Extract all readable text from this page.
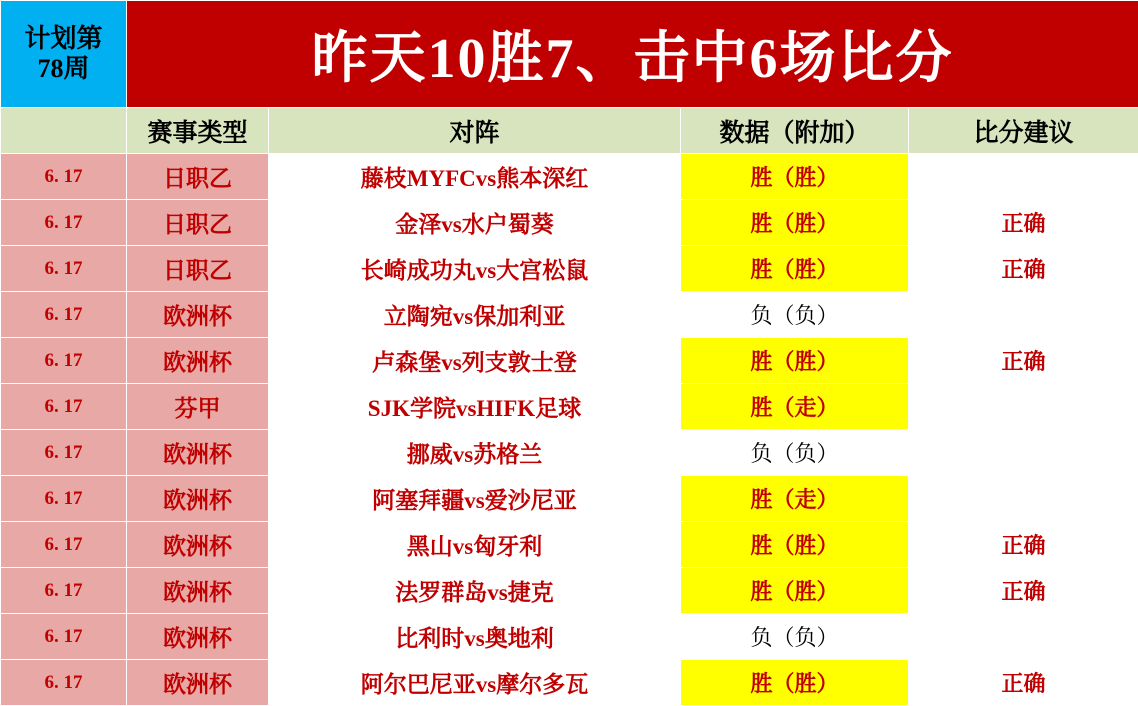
计划第
78周	昨天10胜7、击中6场比分			
	赛事类型	对阵	数据（附加）	比分建议
6. 17	日职乙	藤枝MYFCvs熊本深红	胜（胜）	
6. 17	日职乙	金泽vs水户蜀葵	胜（胜）	正确
6. 17	日职乙	长崎成功丸vs大宫松鼠	胜（胜）	正确
6. 17	欧洲杯	立陶宛vs保加利亚	负（负）	
6. 17	欧洲杯	卢森堡vs列支敦士登	胜（胜）	正确
6. 17	芬甲	SJK学院vsHIFK足球	胜（走）	
6. 17	欧洲杯	挪威vs苏格兰	负（负）	
6. 17	欧洲杯	阿塞拜疆vs爱沙尼亚	胜（走）	
6. 17	欧洲杯	黑山vs匈牙利	胜（胜）	正确
6. 17	欧洲杯	法罗群岛vs捷克	胜（胜）	正确
6. 17	欧洲杯	比利时vs奥地利	负（负）	
6. 17	欧洲杯	阿尔巴尼亚vs摩尔多瓦	胜（胜）	正确
